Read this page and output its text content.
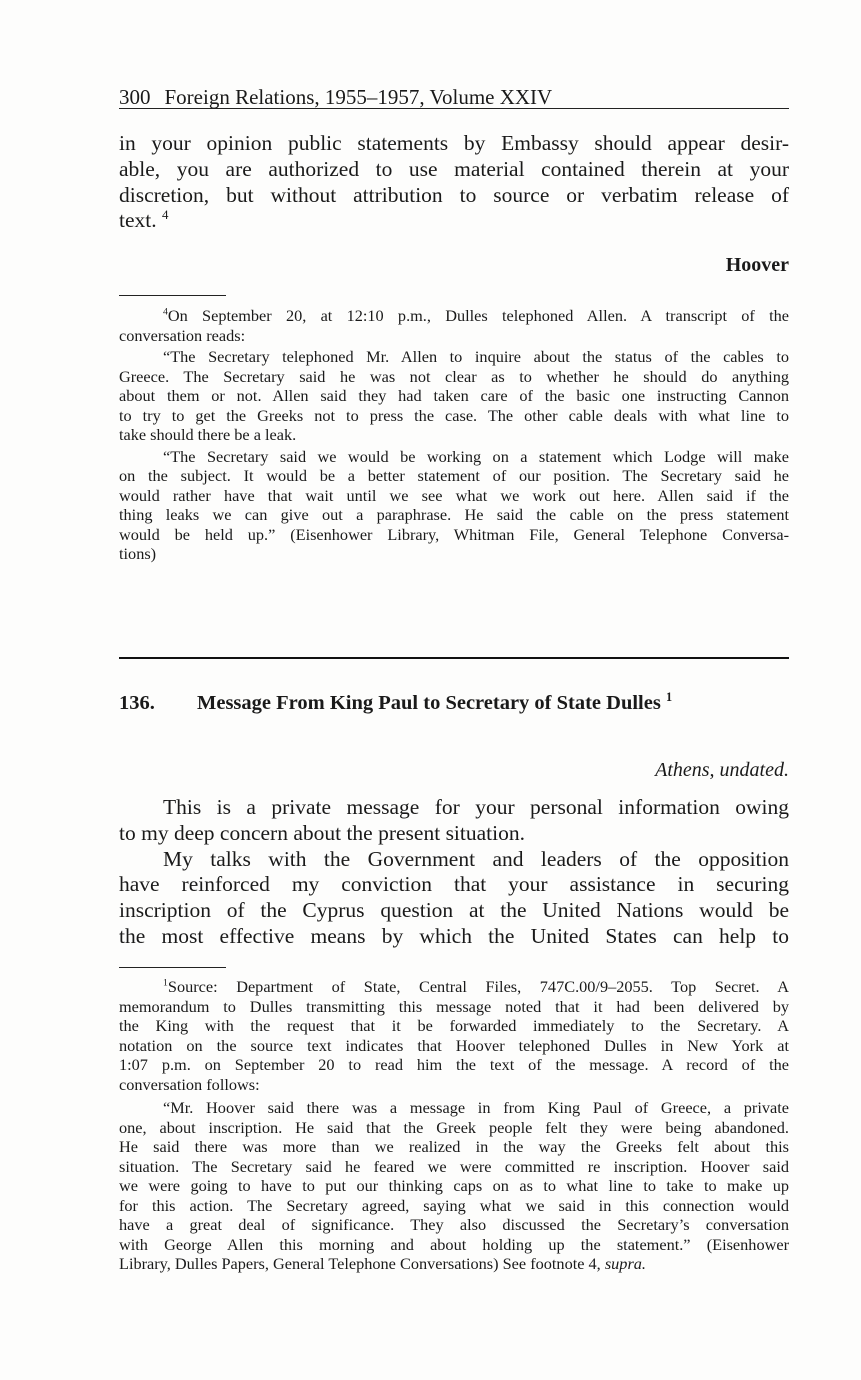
300 Foreign Relations, 1955–1957, Volume XXIV
in your opinion public statements by Embassy should appear desir-
able, you are authorized to use material contained therein at your
discretion, but without attribution to source or verbatim release of
text. $^4$
Hoover
$^4$On September 20, at 12:10 p.m., Dulles telephoned Allen. A transcript of the
conversation reads:
“The Secretary telephoned Mr. Allen to inquire about the status of the cables to
Greece. The Secretary said he was not clear as to whether he should do anything
about them or not. Allen said they had taken care of the basic one instructing Cannon
to try to get the Greeks not to press the case. The other cable deals with what line to
take should there be a leak.
“The Secretary said we would be working on a statement which Lodge will make
on the subject. It would be a better statement of our position. The Secretary said he
would rather have that wait until we see what we work out here. Allen said if the
thing leaks we can give out a paraphrase. He said the cable on the press statement
would be held up.” (Eisenhower Library, Whitman File, General Telephone Conversa-
tions)
136. Message From King Paul to Secretary of State Dulles $^1$
Athens, undated.
This is a private message for your personal information owing
to my deep concern about the present situation.
My talks with the Government and leaders of the opposition
have reinforced my conviction that your assistance in securing
inscription of the Cyprus question at the United Nations would be
the most effective means by which the United States can help to
$^1$Source: Department of State, Central Files, 747C.00/9–2055. Top Secret. A
memorandum to Dulles transmitting this message noted that it had been delivered by
the King with the request that it be forwarded immediately to the Secretary. A
notation on the source text indicates that Hoover telephoned Dulles in New York at
1:07 p.m. on September 20 to read him the text of the message. A record of the
conversation follows:
“Mr. Hoover said there was a message in from King Paul of Greece, a private
one, about inscription. He said that the Greek people felt they were being abandoned.
He said there was more than we realized in the way the Greeks felt about this
situation. The Secretary said he feared we were committed re inscription. Hoover said
we were going to have to put our thinking caps on as to what line to take to make up
for this action. The Secretary agreed, saying what we said in this connection would
have a great deal of significance. They also discussed the Secretary’s conversation
with George Allen this morning and about holding up the statement.” (Eisenhower
Library, Dulles Papers, General Telephone Conversations) See footnote 4, supra.
